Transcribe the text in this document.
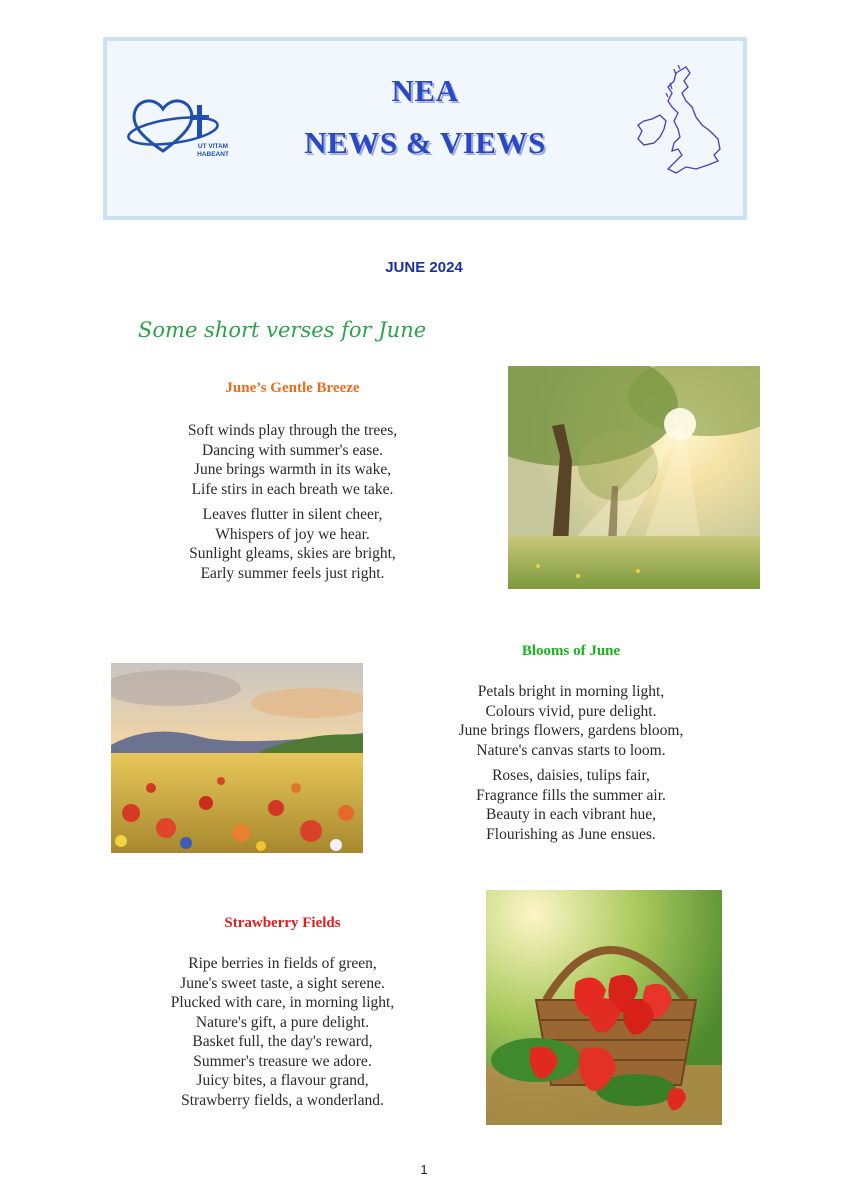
UT VITAM
HABEANT
NEA
NEWS & VIEWS
JUNE 2024
Some short verses for June
June’s Gentle Breeze
Soft winds play through the trees,
Dancing with summer's ease.
June brings warmth in its wake,
Life stirs in each breath we take.
Leaves flutter in silent cheer,
Whispers of joy we hear.
Sunlight gleams, skies are bright,
Early summer feels just right.
Blooms of June
Petals bright in morning light,
Colours vivid, pure delight.
June brings flowers, gardens bloom,
Nature's canvas starts to loom.
Roses, daisies, tulips fair,
Fragrance fills the summer air.
Beauty in each vibrant hue,
Flourishing as June ensues.
Strawberry Fields
Ripe berries in fields of green,
June's sweet taste, a sight serene.
Plucked with care, in morning light,
Nature's gift, a pure delight.
Basket full, the day's reward,
Summer's treasure we adore.
Juicy bites, a flavour grand,
Strawberry fields, a wonderland.
1
